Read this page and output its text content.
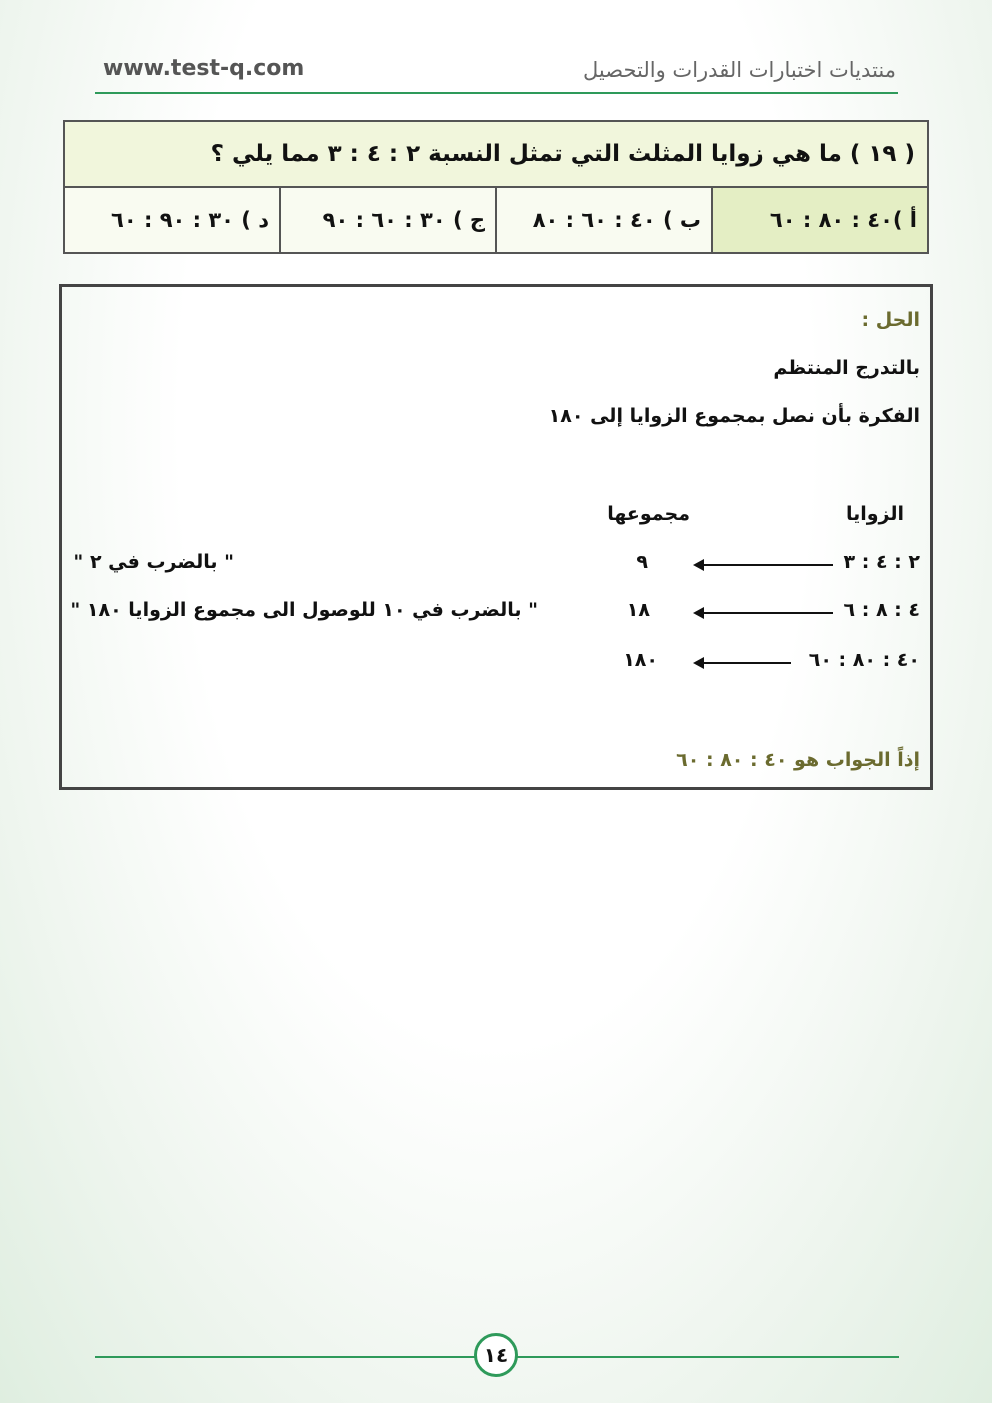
www.test-q.com	منتديات اختبارات القدرات والتحصيل
( ١٩ ) ما هي زوايا المثلث التي تمثل النسبة ٢ : ٤ : ٣ مما يلي ؟
أ )٤٠ : ٨٠ : ٦٠
ب ) ٤٠ : ٦٠ : ٨٠
ج ) ٣٠ : ٦٠ : ٩٠
د ) ٣٠ : ٩٠ : ٦٠
الحل :
بالتدرج المنتظم
الفكرة بأن نصل بمجموع الزوايا إلى ١٨٠
الزوايا
مجموعها
٢ : ٤ : ٣
٩
" بالضرب في ٢ "
٤ : ٨ : ٦
١٨
" بالضرب في ١٠ للوصول الى مجموع الزوايا ١٨٠ "
٤٠ : ٨٠ : ٦٠
١٨٠
إذاً الجواب هو ٤٠ : ٨٠ : ٦٠
١٤
